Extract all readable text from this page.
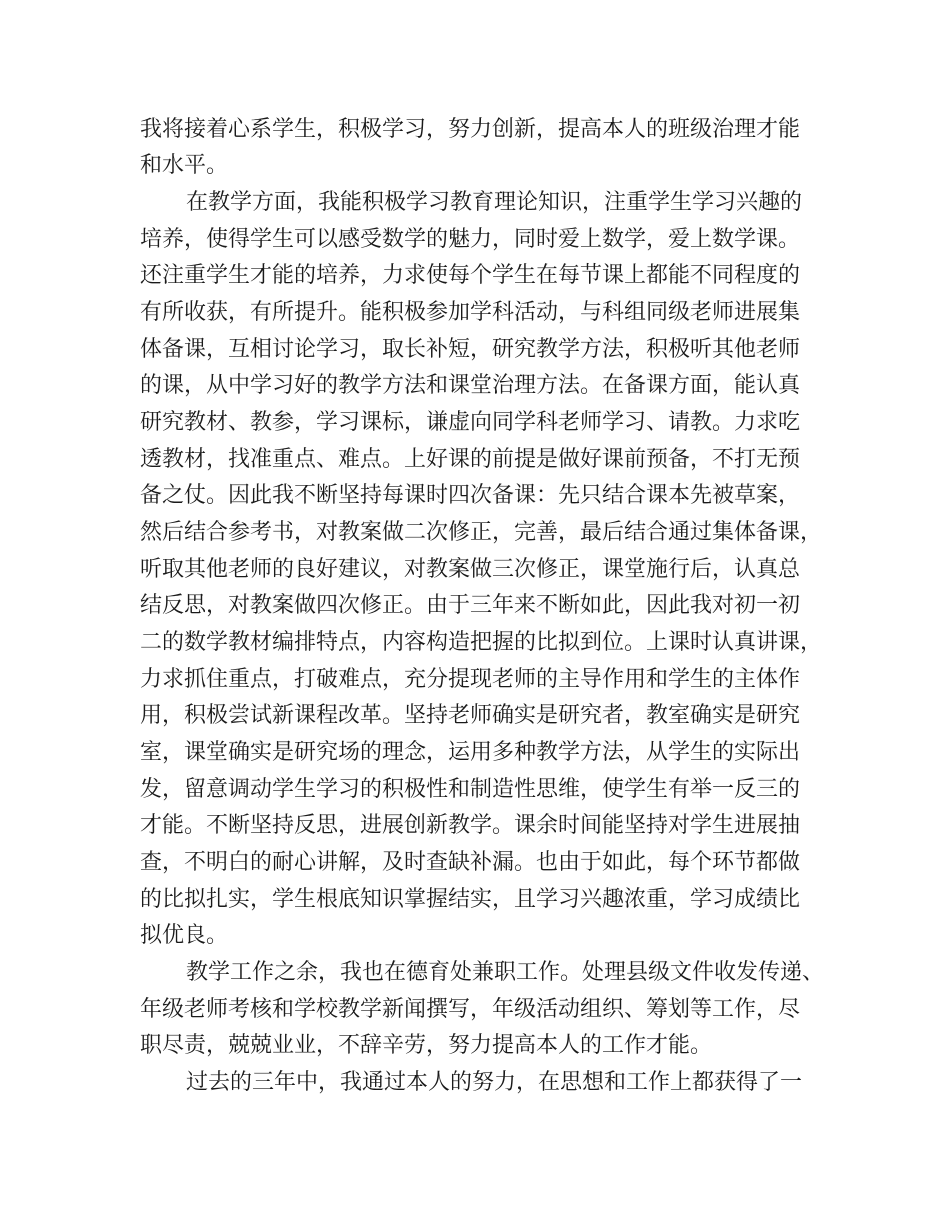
我将接着心系学生，积极学习，努力创新，提高本人的班级治理才能
和水平。
在教学方面，我能积极学习教育理论知识，注重学生学习兴趣的
培养，使得学生可以感受数学的魅力，同时爱上数学，爱上数学课。
还注重学生才能的培养，力求使每个学生在每节课上都能不同程度的
有所收获，有所提升。能积极参加学科活动，与科组同级老师进展集
体备课，互相讨论学习，取长补短，研究教学方法，积极听其他老师
的课，从中学习好的教学方法和课堂治理方法。在备课方面，能认真
研究教材、教参，学习课标，谦虚向同学科老师学习、请教。力求吃
透教材，找准重点、难点。上好课的前提是做好课前预备，不打无预
备之仗。因此我不断坚持每课时四次备课：先只结合课本先被草案，
然后结合参考书，对教案做二次修正，完善，最后结合通过集体备课，
听取其他老师的良好建议，对教案做三次修正，课堂施行后，认真总
结反思，对教案做四次修正。由于三年来不断如此，因此我对初一初
二的数学教材编排特点，内容构造把握的比拟到位。上课时认真讲课，
力求抓住重点，打破难点，充分提现老师的主导作用和学生的主体作
用，积极尝试新课程改革。坚持老师确实是研究者，教室确实是研究
室，课堂确实是研究场的理念，运用多种教学方法，从学生的实际出
发，留意调动学生学习的积极性和制造性思维，使学生有举一反三的
才能。不断坚持反思，进展创新教学。课余时间能坚持对学生进展抽
查，不明白的耐心讲解，及时查缺补漏。也由于如此，每个环节都做
的比拟扎实，学生根底知识掌握结实，且学习兴趣浓重，学习成绩比
拟优良。
教学工作之余，我也在德育处兼职工作。处理县级文件收发传递、
年级老师考核和学校教学新闻撰写，年级活动组织、筹划等工作，尽
职尽责，兢兢业业，不辞辛劳，努力提高本人的工作才能。
过去的三年中，我通过本人的努力，在思想和工作上都获得了一
